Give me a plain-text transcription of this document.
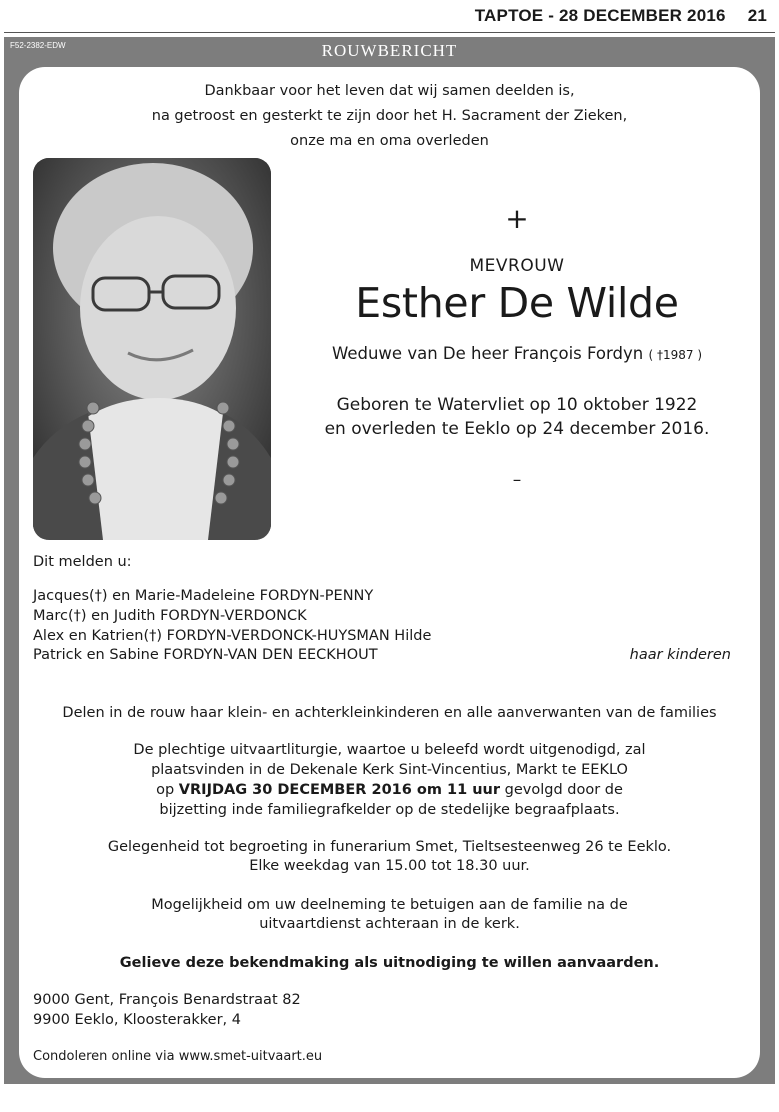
TAPTOE - 28 DECEMBER 2016 21
F52-2382-EDW	ROUWBERICHT
Dankbaar voor het leven dat wij samen deelden is,
na getroost en gesterkt te zijn door het H. Sacrament der Zieken,
onze ma en oma overleden
+
MEVROUW
Esther De Wilde
Weduwe van De heer François Fordyn ( †1987 )
Geboren te Watervliet op 10 oktober 1922
en overleden te Eeklo op 24 december 2016.
–
Dit melden u:
Jacques(†) en Marie-Madeleine FORDYN-PENNY
Marc(†) en Judith FORDYN-VERDONCK
Alex en Katrien(†) FORDYN-VERDONCK-HUYSMAN Hilde
Patrick en Sabine FORDYN-VAN DEN EECKHOUT	haar kinderen
Delen in de rouw haar klein- en achterkleinkinderen en alle aanverwanten van de families
De plechtige uitvaartliturgie, waartoe u beleefd wordt uitgenodigd, zal
plaatsvinden in de Dekenale Kerk Sint-Vincentius, Markt te EEKLO
op VRIJDAG 30 DECEMBER 2016 om 11 uur gevolgd door de
bijzetting inde familiegrafkelder op de stedelijke begraafplaats.
Gelegenheid tot begroeting in funerarium Smet, Tieltsesteenweg 26 te Eeklo.
Elke weekdag van 15.00 tot 18.30 uur.
Mogelijkheid om uw deelneming te betuigen aan de familie na de
uitvaartdienst achteraan in de kerk.
Gelieve deze bekendmaking als uitnodiging te willen aanvaarden.
9000 Gent, François Benardstraat 82
9900 Eeklo, Kloosterakker, 4
Condoleren online via www.smet-uitvaart.eu
Smet & Calsyn Uitvaart - Eeklo - Kaprijke - Sint-Laureins - Ertvelde - 09 377 14 07 - 09 377 75 79
